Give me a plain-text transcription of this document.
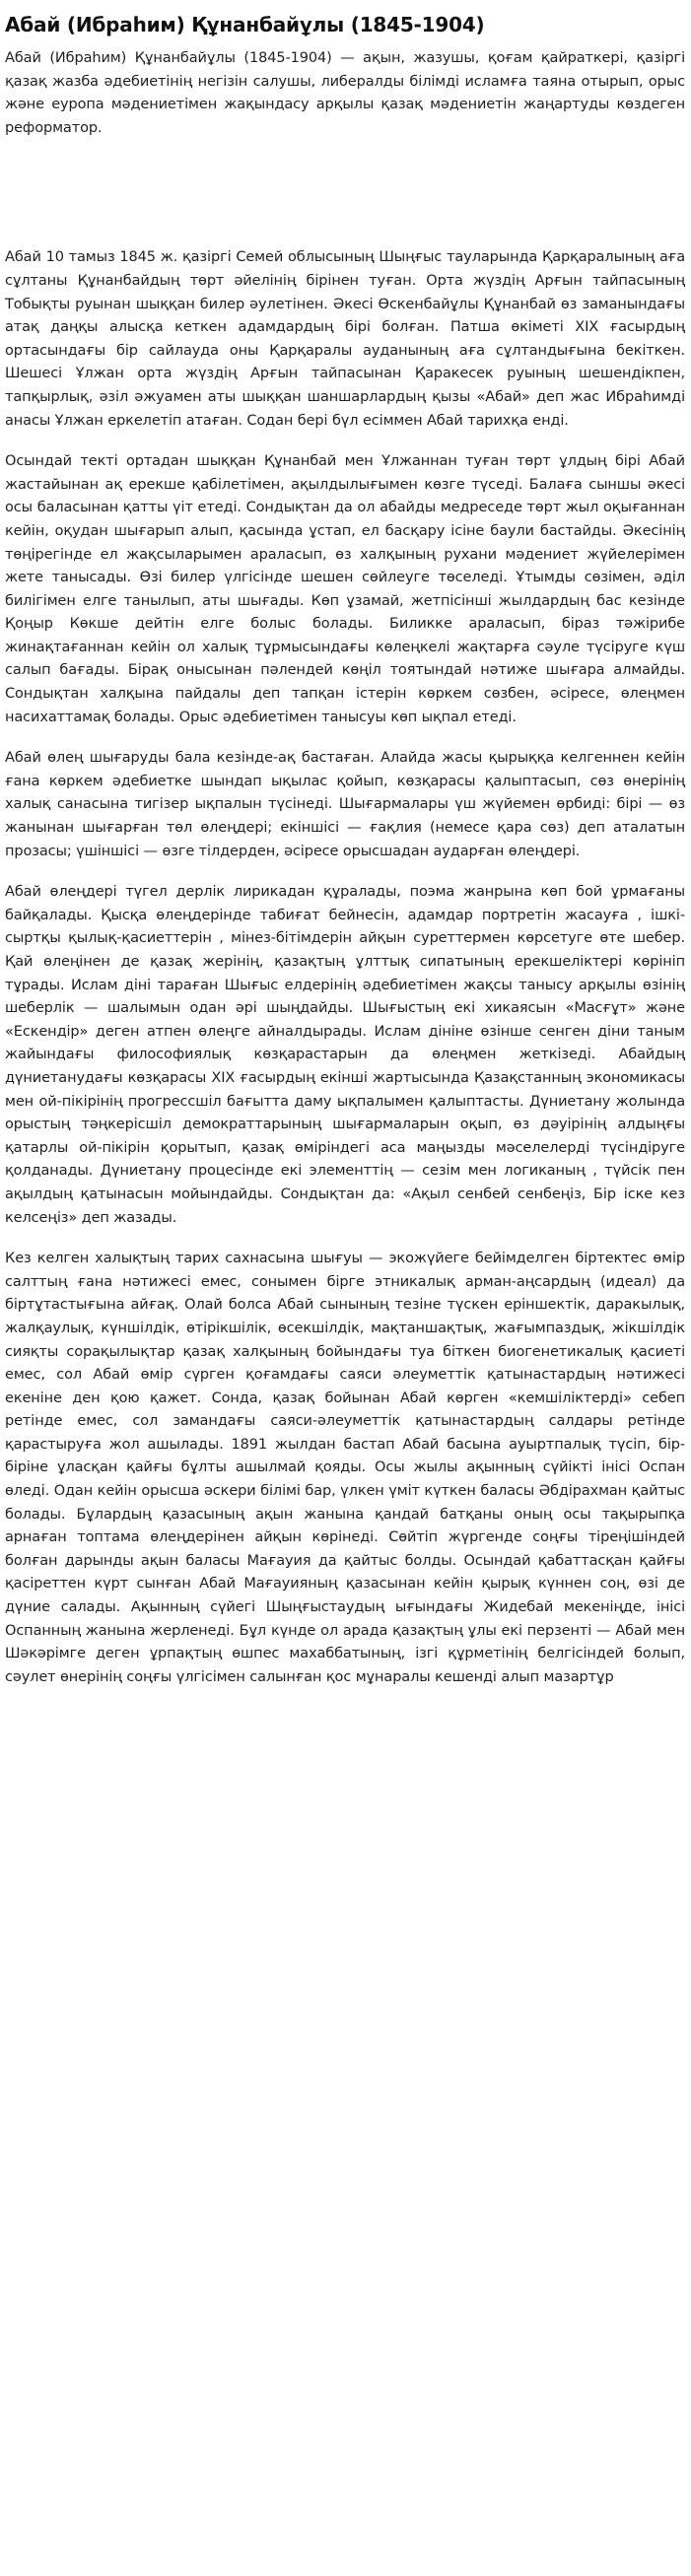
Абай (Ибраһим) Құнанбайұлы (1845-1904)

Абай (Ибраһим) Құнанбайұлы (1845-1904) — ақын, жазушы, қоғам қайраткері, қазіргі қазақ жазба әдебиетінің негізін салушы, либералды білімді исламға таяна отырып, орыс және еуропа мәдениетімен жақындасу арқылы қазақ мәдениетін жаңартуды көздеген реформатор.

Абай 10 тамыз 1845 ж. қазіргі Семей облысының Шыңғыс тауларында Қарқаралының аға сұлтаны Құнанбайдың төрт әйелінің бірінен туған. Орта жүздің Арғын тайпасының Тобықты руынан шыққан билер әулетінен. Әкесі Өскенбайұлы Құнанбай өз заманындағы атақ даңқы алысқа кеткен адамдардың бірі болған. Патша өкіметі XIX ғасырдың ортасындағы бір сайлауда оны Қарқаралы ауданының аға сұлтандығына бекіткен. Шешесі Ұлжан орта жүздің Арғын тайпасынан Қаракесек руының шешендікпен, тапқырлық, әзіл әжуамен аты шыққан шаншарлардың қызы «Абай» деп жас Ибраһимді анасы Ұлжан еркелетіп атаған. Содан бері бүл есіммен Абай тарихқа енді.

Осындай текті ортадан шыққан Құнанбай мен Ұлжаннан туған төрт ұлдың бірі Абай жастайынан ақ ерекше қабілетімен, ақылдылығымен көзге түседі. Балаға сыншы әкесі осы баласынан қатты үіт етеді. Сондықтан да ол абайды медреседе төрт жыл оқығаннан кейін, оқудан шығарып алып, қасында ұстап, ел басқару ісіне баули бастайды. Әкесінің төңірегінде ел жақсыларымен араласып, өз халқының рухани мәдениет жүйелерімен жете танысады. Өзі билер үлгісінде шешен сөйлеуге төселеді. Ұтымды сөзімен, әділ билігімен елге танылып, аты шығады. Көп ұзамай, жетпісінші жылдардың бас кезінде Қоңыр Көкше дейтін елге болыс болады. Биликке араласып, біраз тәжірибе жинақтағаннан кейін ол халық тұрмысындағы көлеңкелі жақтарға сәуле түсіруге күш салып бағады. Бірақ оныcынан пәлендей көңіл тоятындай нәтиже шығара алмайды. Сондықтан халқына пайдалы деп тапқан істерін көркем сөзбен, әсіресе, өлеңмен насихаттамақ болады. Орыс әдебиетімен танысуы көп ықпал етеді.

Абай өлең шығаруды бала кезінде-ақ бастаған. Алайда жасы қырыққа келгеннен кейін ғана көркем әдебиетке шындап ықылас қойып, көзқарасы қалыптасып, сөз өнерінің халық санасына тигізер ықпалын түсінеді. Шығармалары үш жүйемен өрбиді: бірі — өз жанынан шығарған төл өлеңдері; екіншісі — ғақлия (немесе қара сөз) деп аталатын прозасы; үшіншісі — өзге тілдерден, әсіресе орысшадан аударған өлеңдері.

Абай өлеңдері түгел дерлік лирикадан құралады, поэма жанрына көп бой ұрмағаны байқалады. Қысқа өлеңдерінде табиғат бейнесін, адамдар портретін жасауға , ішкі-сыртқы қылық-қасиеттерін , мінез-бітімдерін айқын суреттермен көрсетуге өте шебер. Қай өлеңінен де қазақ жерінің, қазақтың ұлттық сипатының ерекшеліктері көрініп тұрады. Ислам діні тараған Шығыс елдерінің әдебиетімен жақсы танысу арқылы өзінің шеберлік — шалымын одан әрі шыңдайды. Шығыстың екі хикаясын «Масғұт» және «Ескендір» деген атпен өлеңге айналдырады. Ислам дініне өзінше сенген діни таным жайындағы философиялық көзқарастарын да өлеңмен жеткізеді. Абайдың дүниетанудағы көзқарасы XIX ғасырдың екінші жартысында Қазақстанның экономикасы мен ой-пікірінің прогрессшіл бағытта даму ықпалымен қалыптасты. Дүниетану жолында орыстың тәңкерісшіл демократтарының шығармаларын оқып, өз дәуірінің алдыңғы қатарлы ой-пікірін қорытып, қазақ өміріндегі аса маңызды мәселелерді түсіндіруге қолданады. Дүниетану процесінде екі элементтің — сезім мен логиканың , түйсік пен ақылдың қатынасын мойындайды. Сондықтан да: «Ақыл сенбей сенбеңіз, Бір іске кез келсеңіз» деп жазады.

Кез келген халықтың тарих сахнасына шығуы — экожүйеге бейімделген біртектес өмір салттың ғана нәтижесі емес, сонымен бірге этникалық арман-аңсардың (идеал) да біртұтастығына айғақ. Олай болса Абай сынының тезіне түскен еріншектік, даракылық, жалқаулық, күншілдік, өтірікшілік, өсекшілдік, мақтаншақтық, жағымпаздық, жікшілдік сияқты сорақылықтар қазақ халқының бойындағы туа біткен биогенетикалық қасиеті емес, сол Абай өмір сүрген қоғамдағы саяси әлеуметтік қатынастардың нәтижесі екеніне ден қою қажет. Сонда, қазақ бойынан Абай көрген «кемшіліктерді» себеп ретінде емес, сол замандағы саяси-әлеуметтік қатынастардың салдары ретінде қарастыруға жол ашылады. 1891 жылдан бастап Абай басына ауыртпалық түсіп, бір-біріне ұласқан қайғы бұлты ашылмай қояды. Осы жылы ақынның сүйікті інісі Оспан өледі. Одан кейін орысша әскери білімі бар, үлкен үміт күткен баласы Әбдірахман қайтыс болады. Бұлардың қазасының ақын жанына қандай батқаны оның осы тақырыпқа арнаған топтама өлеңдерінен айқын көрінеді. Сөйтіп жүргенде соңғы тіреңішіндей болған дарынды ақын баласы Мағауия да қайтыс болды. Осындай қабаттасқан қайғы қасіреттен күрт сынған Абай Мағауияның қазасынан кейін қырық күннен соң, өзі де дүние салады. Ақынның сүйегі Шыңғыстаудың ығындағы Жидебай мекеніңде, інісі Оспанның жанына жерленеді. Бұл күнде ол арада қазақтың ұлы екі перзенті — Абай мен Шәкәрімге деген ұрпақтың өшпес махаббатының, ізгі құрметінің белгісіндей болып, сәулет өнерінің соңғы үлгісімен салынған қос мұнаралы кешенді алып мазартұр
